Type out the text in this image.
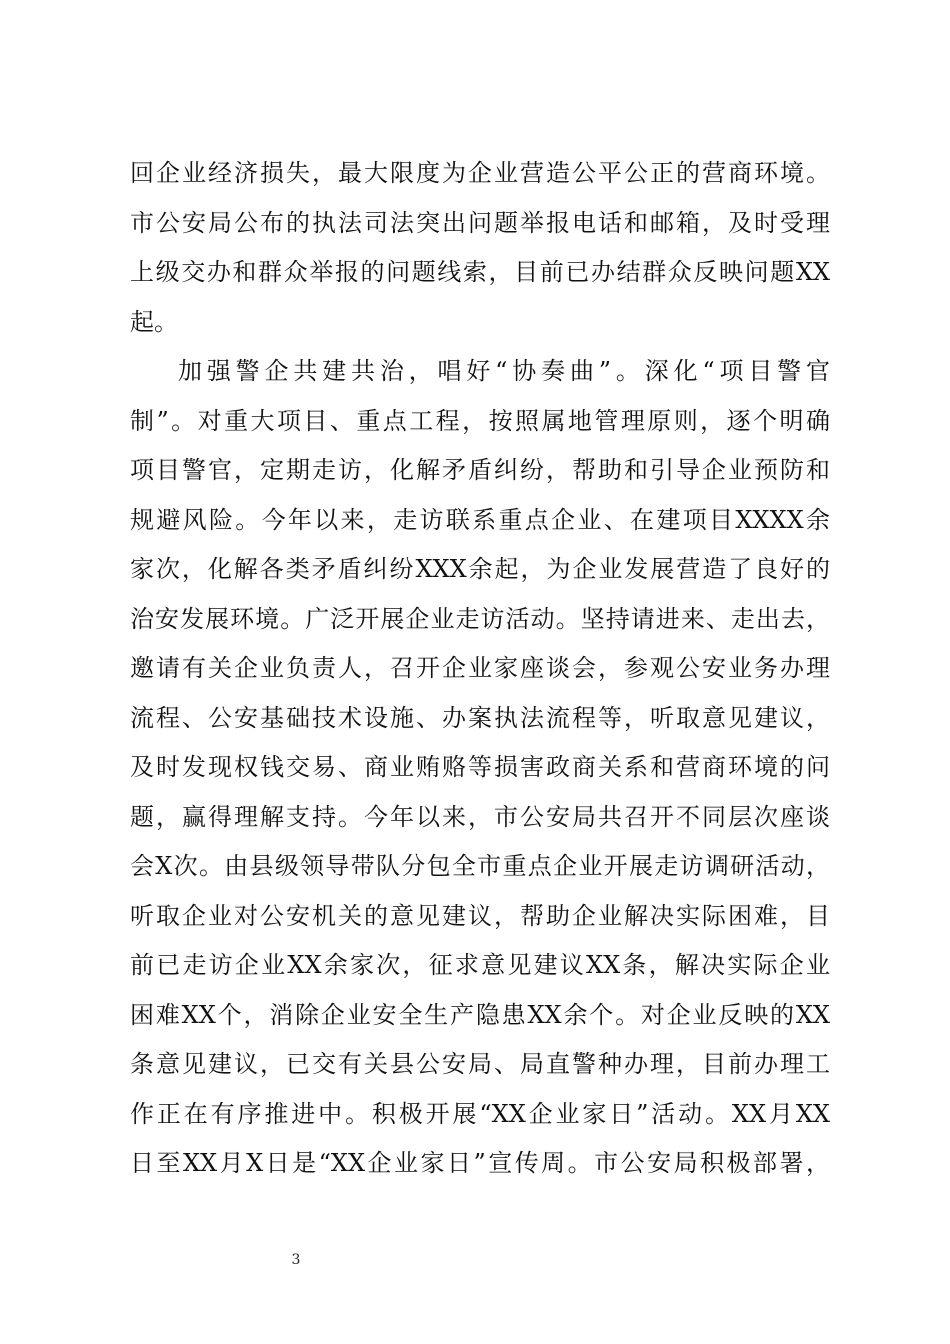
回企业经济损失，最大限度为企业营造公平公正的营商环境。
市公安局公布的执法司法突出问题举报电话和邮箱，及时受理
上级交办和群众举报的问题线索，目前已办结群众反映问题XX
起。
加强警企共建共治，唱好“协奏曲”。深化“项目警官
制”。对重大项目、重点工程，按照属地管理原则，逐个明确
项目警官，定期走访，化解矛盾纠纷，帮助和引导企业预防和
规避风险。今年以来，走访联系重点企业、在建项目XXXX余
家次，化解各类矛盾纠纷XXX余起，为企业发展营造了良好的
治安发展环境。广泛开展企业走访活动。坚持请进来、走出去，
邀请有关企业负责人，召开企业家座谈会，参观公安业务办理
流程、公安基础技术设施、办案执法流程等，听取意见建议，
及时发现权钱交易、商业贿赂等损害政商关系和营商环境的问
题，赢得理解支持。今年以来，市公安局共召开不同层次座谈
会X次。由县级领导带队分包全市重点企业开展走访调研活动，
听取企业对公安机关的意见建议，帮助企业解决实际困难，目
前已走访企业XX余家次，征求意见建议XX条，解决实际企业
困难XX个，消除企业安全生产隐患XX余个。对企业反映的XX
条意见建议，已交有关县公安局、局直警种办理，目前办理工
作正在有序推进中。积极开展“XX企业家日”活动。XX月XX
日至XX月X日是“XX企业家日”宣传周。市公安局积极部署，
3
